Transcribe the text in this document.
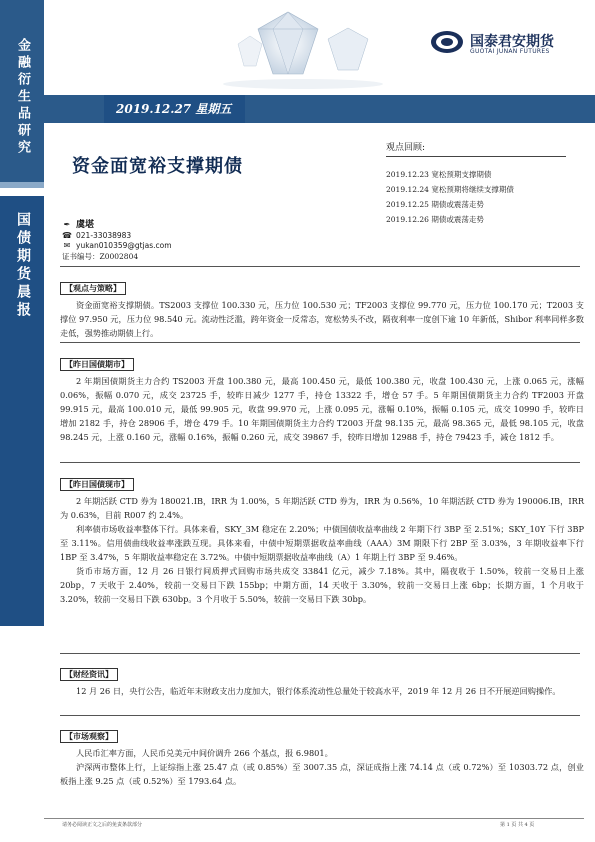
金融衍生品研究
国债期货晨报
国泰君安期货
GUOTAI JUNAN FUTURES
2019.12.27 星期五
资金面宽裕支撑期债
观点回顾:
2019.12.23 宽松预期支撑期债
2019.12.24 宽松预期将继续支撑期债
2019.12.25 期债或震荡走势
2019.12.26 期债或震荡走势
✒ 虞堪
☎ 021-33038983
✉ yukan010359@gtjas.com
证书编号：Z0002804
【观点与策略】

资金面宽裕支撑期债。TS2003 支撑位 100.330 元，压力位 100.530 元；TF2003 支撑位 99.770 元，压力位 100.170 元；T2003 支撑位 97.950 元，压力位 98.540 元。流动性泛滥，跨年资金一反常态，宽松势头不改，隔夜利率一度创下逾 10 年新低，Shibor 利率同样多数走低，强势推动期债上行。

【昨日国债期市】

2 年期国债期货主力合约 TS2003 开盘 100.380 元，最高 100.450 元，最低 100.380 元，收盘 100.430 元，上涨 0.065 元，涨幅 0.06%，振幅 0.070 元，成交 23725 手，较昨日减少 1277 手，持仓 13322 手，增仓 57 手。5 年期国债期货主力合约 TF2003 开盘 99.915 元，最高 100.010 元，最低 99.905 元，收盘 99.970 元，上涨 0.095 元，涨幅 0.10%，振幅 0.105 元，成交 10990 手，较昨日增加 2182 手，持仓 28906 手，增仓 479 手。10 年期国债期货主力合约 T2003 开盘 98.135 元，最高 98.365 元，最低 98.105 元，收盘 98.245 元，上涨 0.160 元，涨幅 0.16%，振幅 0.260 元，成交 39867 手，较昨日增加 12988 手，持仓 79423 手，减仓 1812 手。

【昨日国债现市】

2 年期活跃 CTD 券为 180021.IB，IRR 为 1.00%，5 年期活跃 CTD 券为，IRR 为 0.56%，10 年期活跃 CTD 券为 190006.IB，IRR 为 0.63%，目前 R007 约 2.4%。

利率债市场收益率整体下行。具体来看，SKY_3M 稳定在 2.20%；中债国债收益率曲线 2 年期下行 3BP 至 2.51%；SKY_10Y 下行 3BP 至 3.11%。信用债曲线收益率涨跌互现。具体来看，中债中短期票据收益率曲线（AAA）3M 期限下行 2BP 至 3.03%，3 年期收益率下行 1BP 至 3.47%，5 年期收益率稳定在 3.72%。中债中短期票据收益率曲线（A）1 年期上行 3BP 至 9.46%。

货币市场方面，12 月 26 日银行间质押式回购市场共成交 33841 亿元，减少 7.18%。其中，隔夜收于 1.50%，较前一交易日上涨 20bp，7 天收于 2.40%，较前一交易日下跌 155bp；中期方面，14 天收于 3.30%，较前一交易日上涨 6bp；长期方面，1 个月收于 3.20%，较前一交易日下跌 630bp。3 个月收于 5.50%，较前一交易日下跌 30bp。

【财经资讯】

12 月 26 日，央行公告，临近年末财政支出力度加大，银行体系流动性总量处于较高水平，2019 年 12 月 26 日不开展逆回购操作。

【市场观察】

人民币汇率方面，人民币兑美元中间价调升 266 个基点，报 6.9801。

沪深两市整体上行，上证综指上涨 25.47 点（或 0.85%）至 3007.35 点，深证成指上涨 74.14 点（或 0.72%）至 10303.72 点，创业板指上涨 9.25 点（或 0.52%）至 1793.64 点。

请务必阅读正文之后的免责条款部分	第 1 页 共 4 页
